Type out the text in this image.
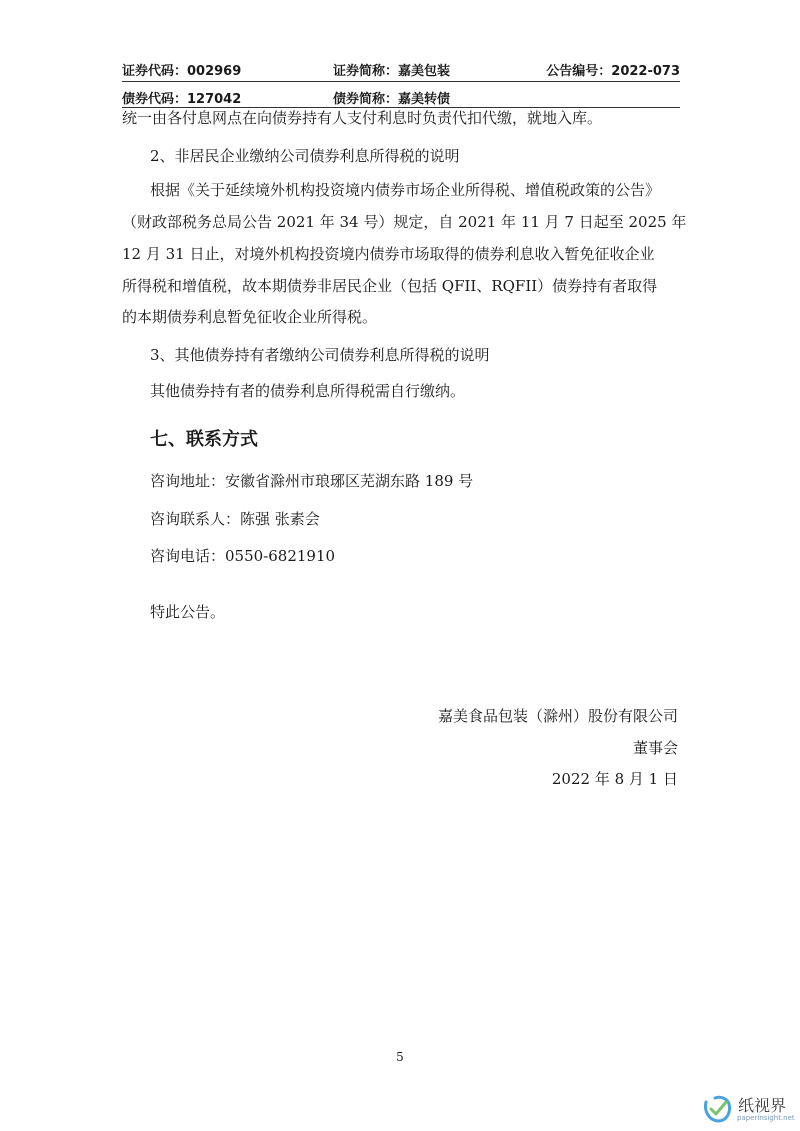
证券代码：002969	证券简称：嘉美包装	公告编号：2022-073
债券代码：127042	债券简称：嘉美转债
统一由各付息网点在向债券持有人支付利息时负责代扣代缴，就地入库。
2、非居民企业缴纳公司债券利息所得税的说明
根据《关于延续境外机构投资境内债券市场企业所得税、增值税政策的公告》
（财政部税务总局公告 2021 年 34 号）规定，自 2021 年 11 月 7 日起至 2025 年
12 月 31 日止，对境外机构投资境内债券市场取得的债券利息收入暂免征收企业
所得税和增值税，故本期债券非居民企业（包括 QFII、RQFII）债券持有者取得
的本期债券利息暂免征收企业所得税。
3、其他债券持有者缴纳公司债券利息所得税的说明
其他债券持有者的债券利息所得税需自行缴纳。
七、联系方式
咨询地址：安徽省滁州市琅琊区芜湖东路 189 号
咨询联系人：陈强 张素会
咨询电话：0550-6821910
特此公告。
嘉美食品包装（滁州）股份有限公司
董事会
2022 年 8 月 1 日
5
纸视界
paperinsight.net
